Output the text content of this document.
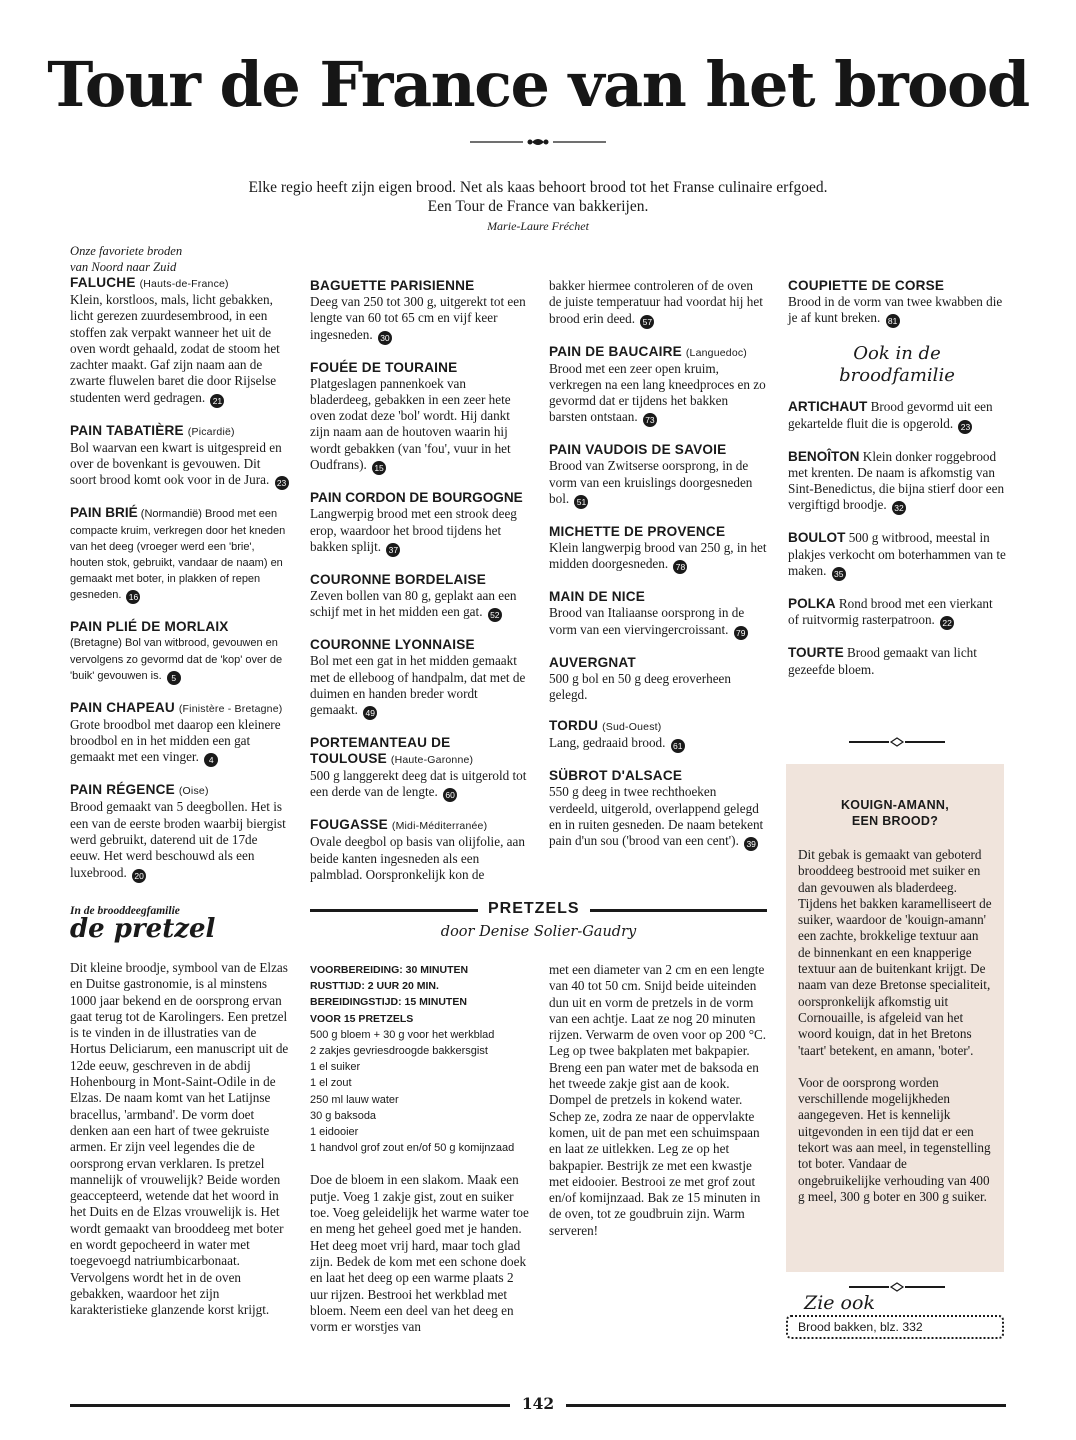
Tour de France van het brood
Elke regio heeft zijn eigen brood. Net als kaas behoort brood tot het Franse culinaire erfgoed.
Een Tour de France van bakkerijen.
Marie-Laure Fréchet
Onze favoriete broden
van Noord naar Zuid
FALUCHE (Hauts-de-France)
Klein, korstloos, mals, licht gebakken, licht gerezen zuurdesembrood, in een stoffen zak verpakt wanneer het uit de oven wordt gehaald, zodat de stoom het zachter maakt. Gaf zijn naam aan de zwarte fluwelen baret die door Rijselse studenten werd gedragen. 21
PAIN TABATIÈRE (Picardië)
Bol waarvan een kwart is uitgespreid en over de bovenkant is gevouwen. Dit soort brood komt ook voor in de Jura. 23
PAIN BRIÉ (Normandië) Brood met een compacte kruim, verkregen door het kneden van het deeg (vroeger werd een 'brie', houten stok, gebruikt, vandaar de naam) en gemaakt met boter, in plakken of repen gesneden. 16
PAIN PLIÉ DE MORLAIX
(Bretagne) Bol van witbrood, gevouwen en vervolgens zo gevormd dat de 'kop' over de 'buik' gevouwen is. 5
PAIN CHAPEAU (Finistère - Bretagne)
Grote broodbol met daarop een kleinere broodbol en in het midden een gat gemaakt met een vinger. 4
PAIN RÉGENCE (Oise)
Brood gemaakt van 5 deegbollen. Het is een van de eerste broden waarbij biergist werd gebruikt, daterend uit de 17de eeuw. Het werd beschouwd als een luxebrood. 20
BAGUETTE PARISIENNE
Deeg van 250 tot 300 g, uitgerekt tot een lengte van 60 tot 65 cm en vijf keer ingesneden. 30
FOUÉE DE TOURAINE
Platgeslagen pannenkoek van bladerdeeg, gebakken in een zeer hete oven zodat deze 'bol' wordt. Hij dankt zijn naam aan de houtoven waarin hij wordt gebakken (van 'fou', vuur in het Oudfrans). 15
PAIN CORDON DE BOURGOGNE Langwerpig brood met een strook deeg erop, waardoor het brood tijdens het bakken splijt. 37
COURONNE BORDELAISE
Zeven bollen van 80 g, geplakt aan een schijf met in het midden een gat. 52
COURONNE LYONNAISE
Bol met een gat in het midden gemaakt met de elleboog of handpalm, dat met de duimen en handen breder wordt gemaakt. 49
PORTEMANTEAU DE TOULOUSE (Haute-Garonne)
500 g langgerekt deeg dat is uitgerold tot een derde van de lengte. 60
FOUGASSE (Midi-Méditerranée)
Ovale deegbol op basis van olijfolie, aan beide kanten ingesneden als een palmblad. Oorspronkelijk kon de
bakker hiermee controleren of de oven de juiste temperatuur had voordat hij het brood erin deed. 57
PAIN DE BAUCAIRE (Languedoc)
Brood met een zeer open kruim, verkregen na een lang kneedproces en zo gevormd dat er tijdens het bakken barsten ontstaan. 73
PAIN VAUDOIS DE SAVOIE
Brood van Zwitserse oorsprong, in de vorm van een kruislings doorgesneden bol. 51
MICHETTE DE PROVENCE
Klein langwerpig brood van 250 g, in het midden doorgesneden. 78
MAIN DE NICE
Brood van Italiaanse oorsprong in de vorm van een viervingercroissant. 79
AUVERGNAT
500 g bol en 50 g deeg eroverheen gelegd.
TORDU (Sud-Ouest)
Lang, gedraaid brood. 61
SÜBROT D'ALSACE
550 g deeg in twee rechthoeken verdeeld, uitgerold, overlappend gelegd en in ruiten gesneden. De naam betekent pain d'un sou ('brood van een cent'). 39
COUPIETTE DE CORSE
Brood in de vorm van twee kwabben die je af kunt breken. 81
Ook in de
broodfamilie
ARTICHAUT Brood gevormd uit een gekartelde fluit die is opgerold. 23
BENOÎTON Klein donker roggebrood met krenten. De naam is afkomstig van Sint-Benedictus, die bijna stierf door een vergiftigd broodje. 32
BOULOT 500 g witbrood, meestal in plakjes verkocht om boterhammen van te maken. 35
POLKA Rond brood met een vierkant of ruitvormig rasterpatroon. 22
TOURTE Brood gemaakt van licht gezeefde bloem.
KOUIGN-AMANN,
EEN BROOD?

Dit gebak is gemaakt van geboterd brooddeeg bestrooid met suiker en dan gevouwen als bladerdeeg. Tijdens het bakken karamelliseert de suiker, waardoor de 'kouign-amann' een zachte, brokkelige textuur aan de binnenkant en een knapperige textuur aan de buitenkant krijgt. De naam van deze Bretonse specialiteit, oorspronkelijk afkomstig uit Cornouaille, is afgeleid van het woord kouign, dat in het Bretons 'taart' betekent, en amann, 'boter'.

Voor de oorsprong worden verschillende mogelijkheden aangegeven. Het is kennelijk uitgevonden in een tijd dat er een tekort was aan meel, in tegenstelling tot boter. Vandaar de ongebruikelijke verhouding van 400 g meel, 300 g boter en 300 g suiker.

Zie ook
Brood bakken, blz. 332
In de brooddeegfamilie
de pretzel
Dit kleine broodje, symbool van de Elzas en Duitse gastronomie, is al minstens 1000 jaar bekend en de oorsprong ervan gaat terug tot de Karolingers. Een pretzel is te vinden in de illustraties van de Hortus Deliciarum, een manuscript uit de 12de eeuw, geschreven in de abdij Hohenbourg in Mont-Saint-Odile in de Elzas. De naam komt van het Latijnse bracellus, 'armband'. De vorm doet denken aan een hart of twee gekruiste armen. Er zijn veel legendes die de oorsprong ervan verklaren. Is pretzel mannelijk of vrouwelijk? Beide worden geaccepteerd, wetende dat het woord in het Duits en de Elzas vrouwelijk is. Het wordt gemaakt van brooddeeg met boter en wordt gepocheerd in water met toegevoegd natriumbicarbonaat. Vervolgens wordt het in de oven gebakken, waardoor het zijn karakteristieke glanzende korst krijgt.
PRETZELS
door Denise Solier-Gaudry
VOORBEREIDING: 30 MINUTEN
RUSTTIJD: 2 UUR 20 MIN.
BEREIDINGSTIJD: 15 MINUTEN
VOOR 15 PRETZELS
500 g bloem + 30 g voor het werkblad
2 zakjes gevriesdroogde bakkersgist
1 el suiker
1 el zout
250 ml lauw water
30 g baksoda
1 eidooier
1 handvol grof zout en/of 50 g komijnzaad
Doe de bloem in een slakom. Maak een putje. Voeg 1 zakje gist, zout en suiker toe. Voeg geleidelijk het warme water toe en meng het geheel goed met je handen. Het deeg moet vrij hard, maar toch glad zijn. Bedek de kom met een schone doek en laat het deeg op een warme plaats 2 uur rijzen. Bestrooi het werkblad met bloem. Neem een deel van het deeg en vorm er worstjes van
met een diameter van 2 cm en een lengte van 40 tot 50 cm. Snijd beide uiteinden dun uit en vorm de pretzels in de vorm van een achtje. Laat ze nog 20 minuten rijzen. Verwarm de oven voor op 200 °C. Leg op twee bakplaten met bakpapier. Breng een pan water met de baksoda en het tweede zakje gist aan de kook. Dompel de pretzels in kokend water. Schep ze, zodra ze naar de oppervlakte komen, uit de pan met een schuimspaan en laat ze uitlekken. Leg ze op het bakpapier. Bestrijk ze met een kwastje met eidooier. Bestrooi ze met grof zout en/of komijnzaad. Bak ze 15 minuten in de oven, tot ze goudbruin zijn. Warm serveren!
142
